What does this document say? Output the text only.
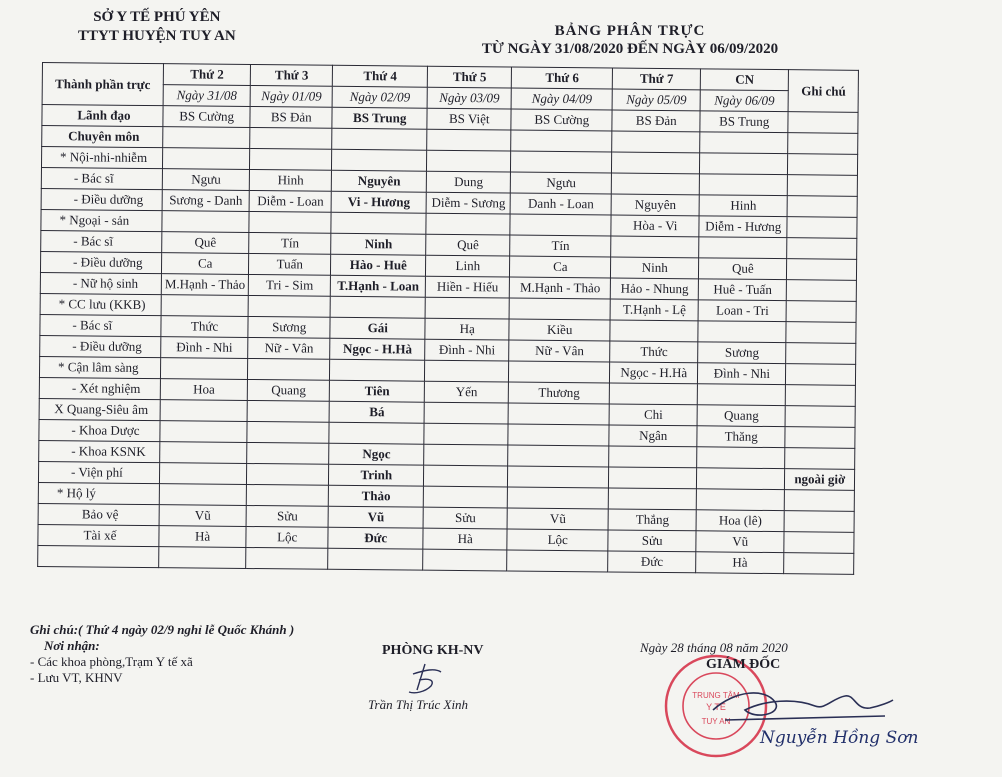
SỞ Y TẾ PHÚ YÊN
TTYT HUYỆN TUY AN	BẢNG PHÂN TRỰC
TỪ NGÀY 31/08/2020 ĐẾN NGÀY 06/09/2020
Thành phần trực	Thứ 2	Thứ 3	Thứ 4	Thứ 5	Thứ 6	Thứ 7	CN	Ghi chú
	Ngày 31/08	Ngày 01/09	Ngày 02/09	Ngày 03/09	Ngày 04/09	Ngày 05/09	Ngày 06/09	
Lãnh đạo	BS Cường	BS Đản	BS Trung	BS Việt	BS Cường	BS Đản	BS Trung	
Chuyên môn								
* Nội-nhi-nhiễm								
- Bác sĩ	Ngưu	Hinh	Nguyên	Dung	Ngưu			
- Điều dưỡng	Sương - Danh	Diễm - Loan	Vi - Hương	Diễm - Sương	Danh - Loan	Nguyên	Hinh	
* Ngoại - sản						Hòa - Vi	Diễm - Hương	
- Bác sĩ	Quê	Tín	Ninh	Quê	Tín			
- Điều dưỡng	Ca	Tuấn	Hào - Huê	Linh	Ca	Ninh	Quê	
- Nữ hộ sinh	M.Hạnh - Thảo	Tri - Sim	T.Hạnh - Loan	Hiền - Hiếu	M.Hạnh - Thảo	Hảo - Nhung	Huê - Tuấn	
* CC lưu (KKB)						T.Hạnh - Lệ	Loan - Tri	
- Bác sĩ	Thức	Sương	Gái	Hạ	Kiều			
- Điều dưỡng	Đình - Nhi	Nữ - Vân	Ngọc - H.Hà	Đình - Nhi	Nữ - Vân	Thức	Sương	
* Cận lâm sàng						Ngọc - H.Hà	Đình - Nhi	
- Xét nghiệm	Hoa	Quang	Tiên	Yến	Thương			
X Quang-Siêu âm			Bá			Chi	Quang	
- Khoa Dược						Ngân	Thăng	
- Khoa KSNK			Ngọc					
- Viện phí			Trinh					ngoài giờ
* Hộ lý			Thảo					
Bảo vệ	Vũ	Sửu	Vũ	Sửu	Vũ	Thắng	Hoa (lê)	
Tài xế	Hà	Lộc	Đức	Hà	Lộc	Sửu	Vũ	
						Đức	Hà	
Ghi chú:( Thứ 4 ngày 02/9 nghỉ lễ Quốc Khánh )
Nơi nhận:
- Các khoa phòng,Trạm Y tế xã
- Lưu VT, KHNV
PHÒNG KH-NV
Trần Thị Trúc Xinh
Ngày 28 tháng 08 năm 2020
TRUNG TÂM
Y TẾ
TUY AN
GIÁM ĐỐC
Nguyễn Hồng Sơn
